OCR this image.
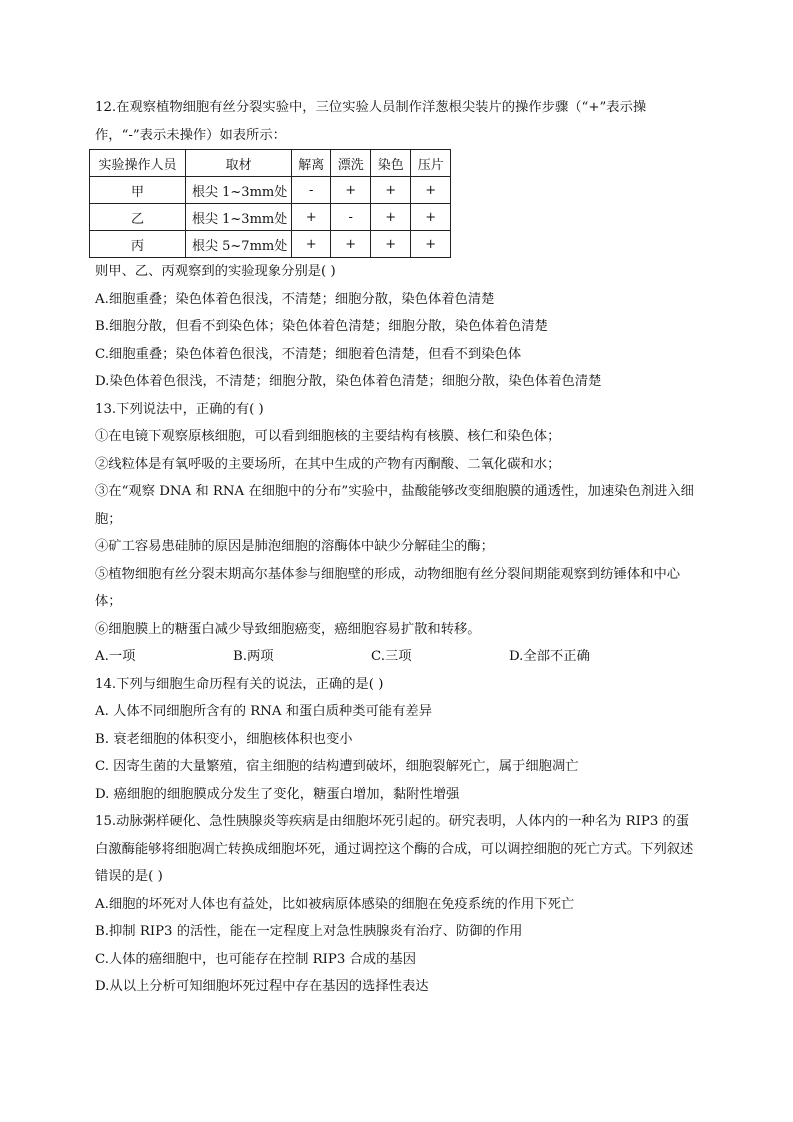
12.在观察植物细胞有丝分裂实验中，三位实验人员制作洋葱根尖装片的操作步骤（“+”表示操
作，“-”表示未操作）如表所示：
实验操作人员	取材	解离	漂洗	染色	压片
甲	根尖 1~3mm处	-	+	+	+
乙	根尖 1~3mm处	+	-	+	+
丙	根尖 5~7mm处	+	+	+	+
则甲、乙、丙观察到的实验现象分别是( )
A.细胞重叠；染色体着色很浅，不清楚；细胞分散，染色体着色清楚
B.细胞分散，但看不到染色体；染色体着色清楚；细胞分散，染色体着色清楚
C.细胞重叠；染色体着色很浅，不清楚；细胞着色清楚，但看不到染色体
D.染色体着色很浅，不清楚；细胞分散，染色体着色清楚；细胞分散，染色体着色清楚
13.下列说法中，正确的有( )
①在电镜下观察原核细胞，可以看到细胞核的主要结构有核膜、核仁和染色体；
②线粒体是有氧呼吸的主要场所，在其中生成的产物有丙酮酸、二氧化碳和水；
③在“观察 DNA 和 RNA 在细胞中的分布”实验中，盐酸能够改变细胞膜的通透性，加速染色剂进入细胞；
④矿工容易患硅肺的原因是肺泡细胞的溶酶体中缺少分解硅尘的酶；
⑤植物细胞有丝分裂末期高尔基体参与细胞壁的形成，动物细胞有丝分裂间期能观察到纺锤体和中心体；
⑥细胞膜上的糖蛋白减少导致细胞癌变，癌细胞容易扩散和转移。
A.一项	B.两项	C.三项	D.全部不正确
14.下列与细胞生命历程有关的说法，正确的是( )
A. 人体不同细胞所含有的 RNA 和蛋白质种类可能有差异
B. 衰老细胞的体积变小，细胞核体积也变小
C. 因寄生菌的大量繁殖，宿主细胞的结构遭到破坏，细胞裂解死亡，属于细胞凋亡
D. 癌细胞的细胞膜成分发生了变化，糖蛋白增加，黏附性增强
15.动脉粥样硬化、急性胰腺炎等疾病是由细胞坏死引起的。研究表明，人体内的一种名为 RIP3 的蛋白激酶能够将细胞凋亡转换成细胞坏死，通过调控这个酶的合成，可以调控细胞的死亡方式。下列叙述错误的是( )
A.细胞的坏死对人体也有益处，比如被病原体感染的细胞在免疫系统的作用下死亡
B.抑制 RIP3 的活性，能在一定程度上对急性胰腺炎有治疗、防御的作用
C.人体的癌细胞中，也可能存在控制 RIP3 合成的基因
D.从以上分析可知细胞坏死过程中存在基因的选择性表达
